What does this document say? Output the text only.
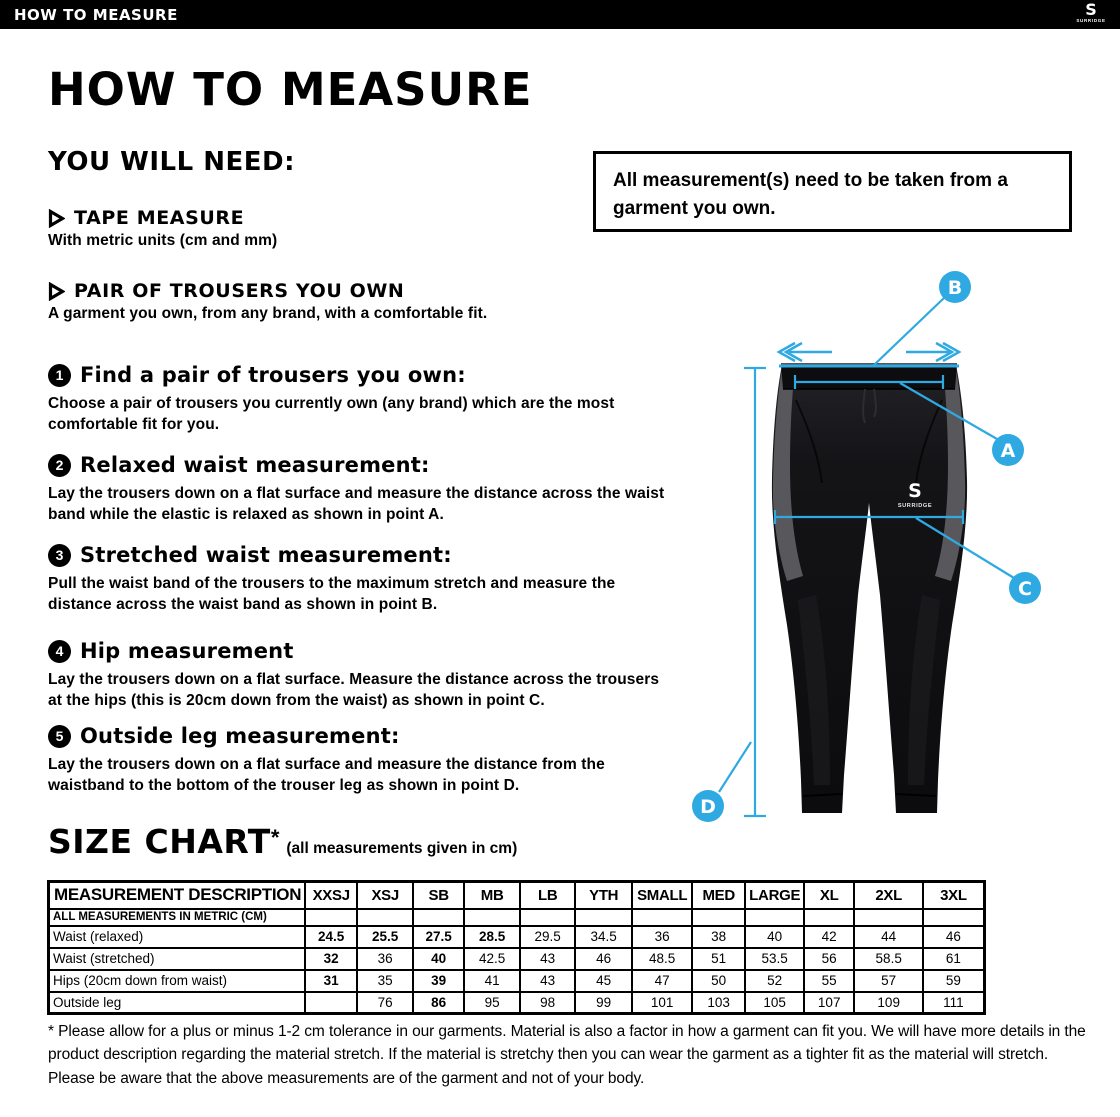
HOW TO MEASURE	S
SURRIDGE
HOW TO MEASURE
YOU WILL NEED:
TAPE MEASURE
With metric units (cm and mm)
PAIR OF TROUSERS YOU OWN
A garment you own, from any brand, with a comfortable fit.
All measurement(s) need to be taken from a garment you own.
1 Find a pair of trousers you own:
Choose a pair of trousers you currently own (any brand) which are the most comfortable fit for you.
2 Relaxed waist measurement:
Lay the trousers down on a flat surface and measure the distance across the waist band while the elastic is relaxed as shown in point A.
3 Stretched waist measurement:
Pull the waist band of the trousers to the maximum stretch and measure the distance across the waist band as shown in point B.
4 Hip measurement
Lay the trousers down on a flat surface. Measure the distance across the trousers at the hips (this is 20cm down from the waist) as shown in point C.
5 Outside leg measurement:
Lay the trousers down on a flat surface and measure the distance from the waistband to the bottom of the trouser leg as shown in point D.
SIZE CHART* (all measurements given in cm)
MEASUREMENT DESCRIPTION	XXSJ	XSJ	SB	MB	LB	YTH	SMALL	MED	LARGE	XL	2XL	3XL
ALL MEASUREMENTS IN METRIC (CM)												
Waist (relaxed)	24.5	25.5	27.5	28.5	29.5	34.5	36	38	40	42	44	46
Waist (stretched)	32	36	40	42.5	43	46	48.5	51	53.5	56	58.5	61
Hips (20cm down from waist)	31	35	39	41	43	45	47	50	52	55	57	59
Outside leg		76	86	95	98	99	101	103	105	107	109	111
* Please allow for a plus or minus 1-2 cm tolerance in our garments. Material is also a factor in how a garment can fit you. We will have more details in the product description regarding the material stretch. If the material is stretchy then you can wear the garment as a tighter fit as the material will stretch. Please be aware that the above measurements are of the garment and not of your body.
S
SURRIDGE
B
A
C
D
